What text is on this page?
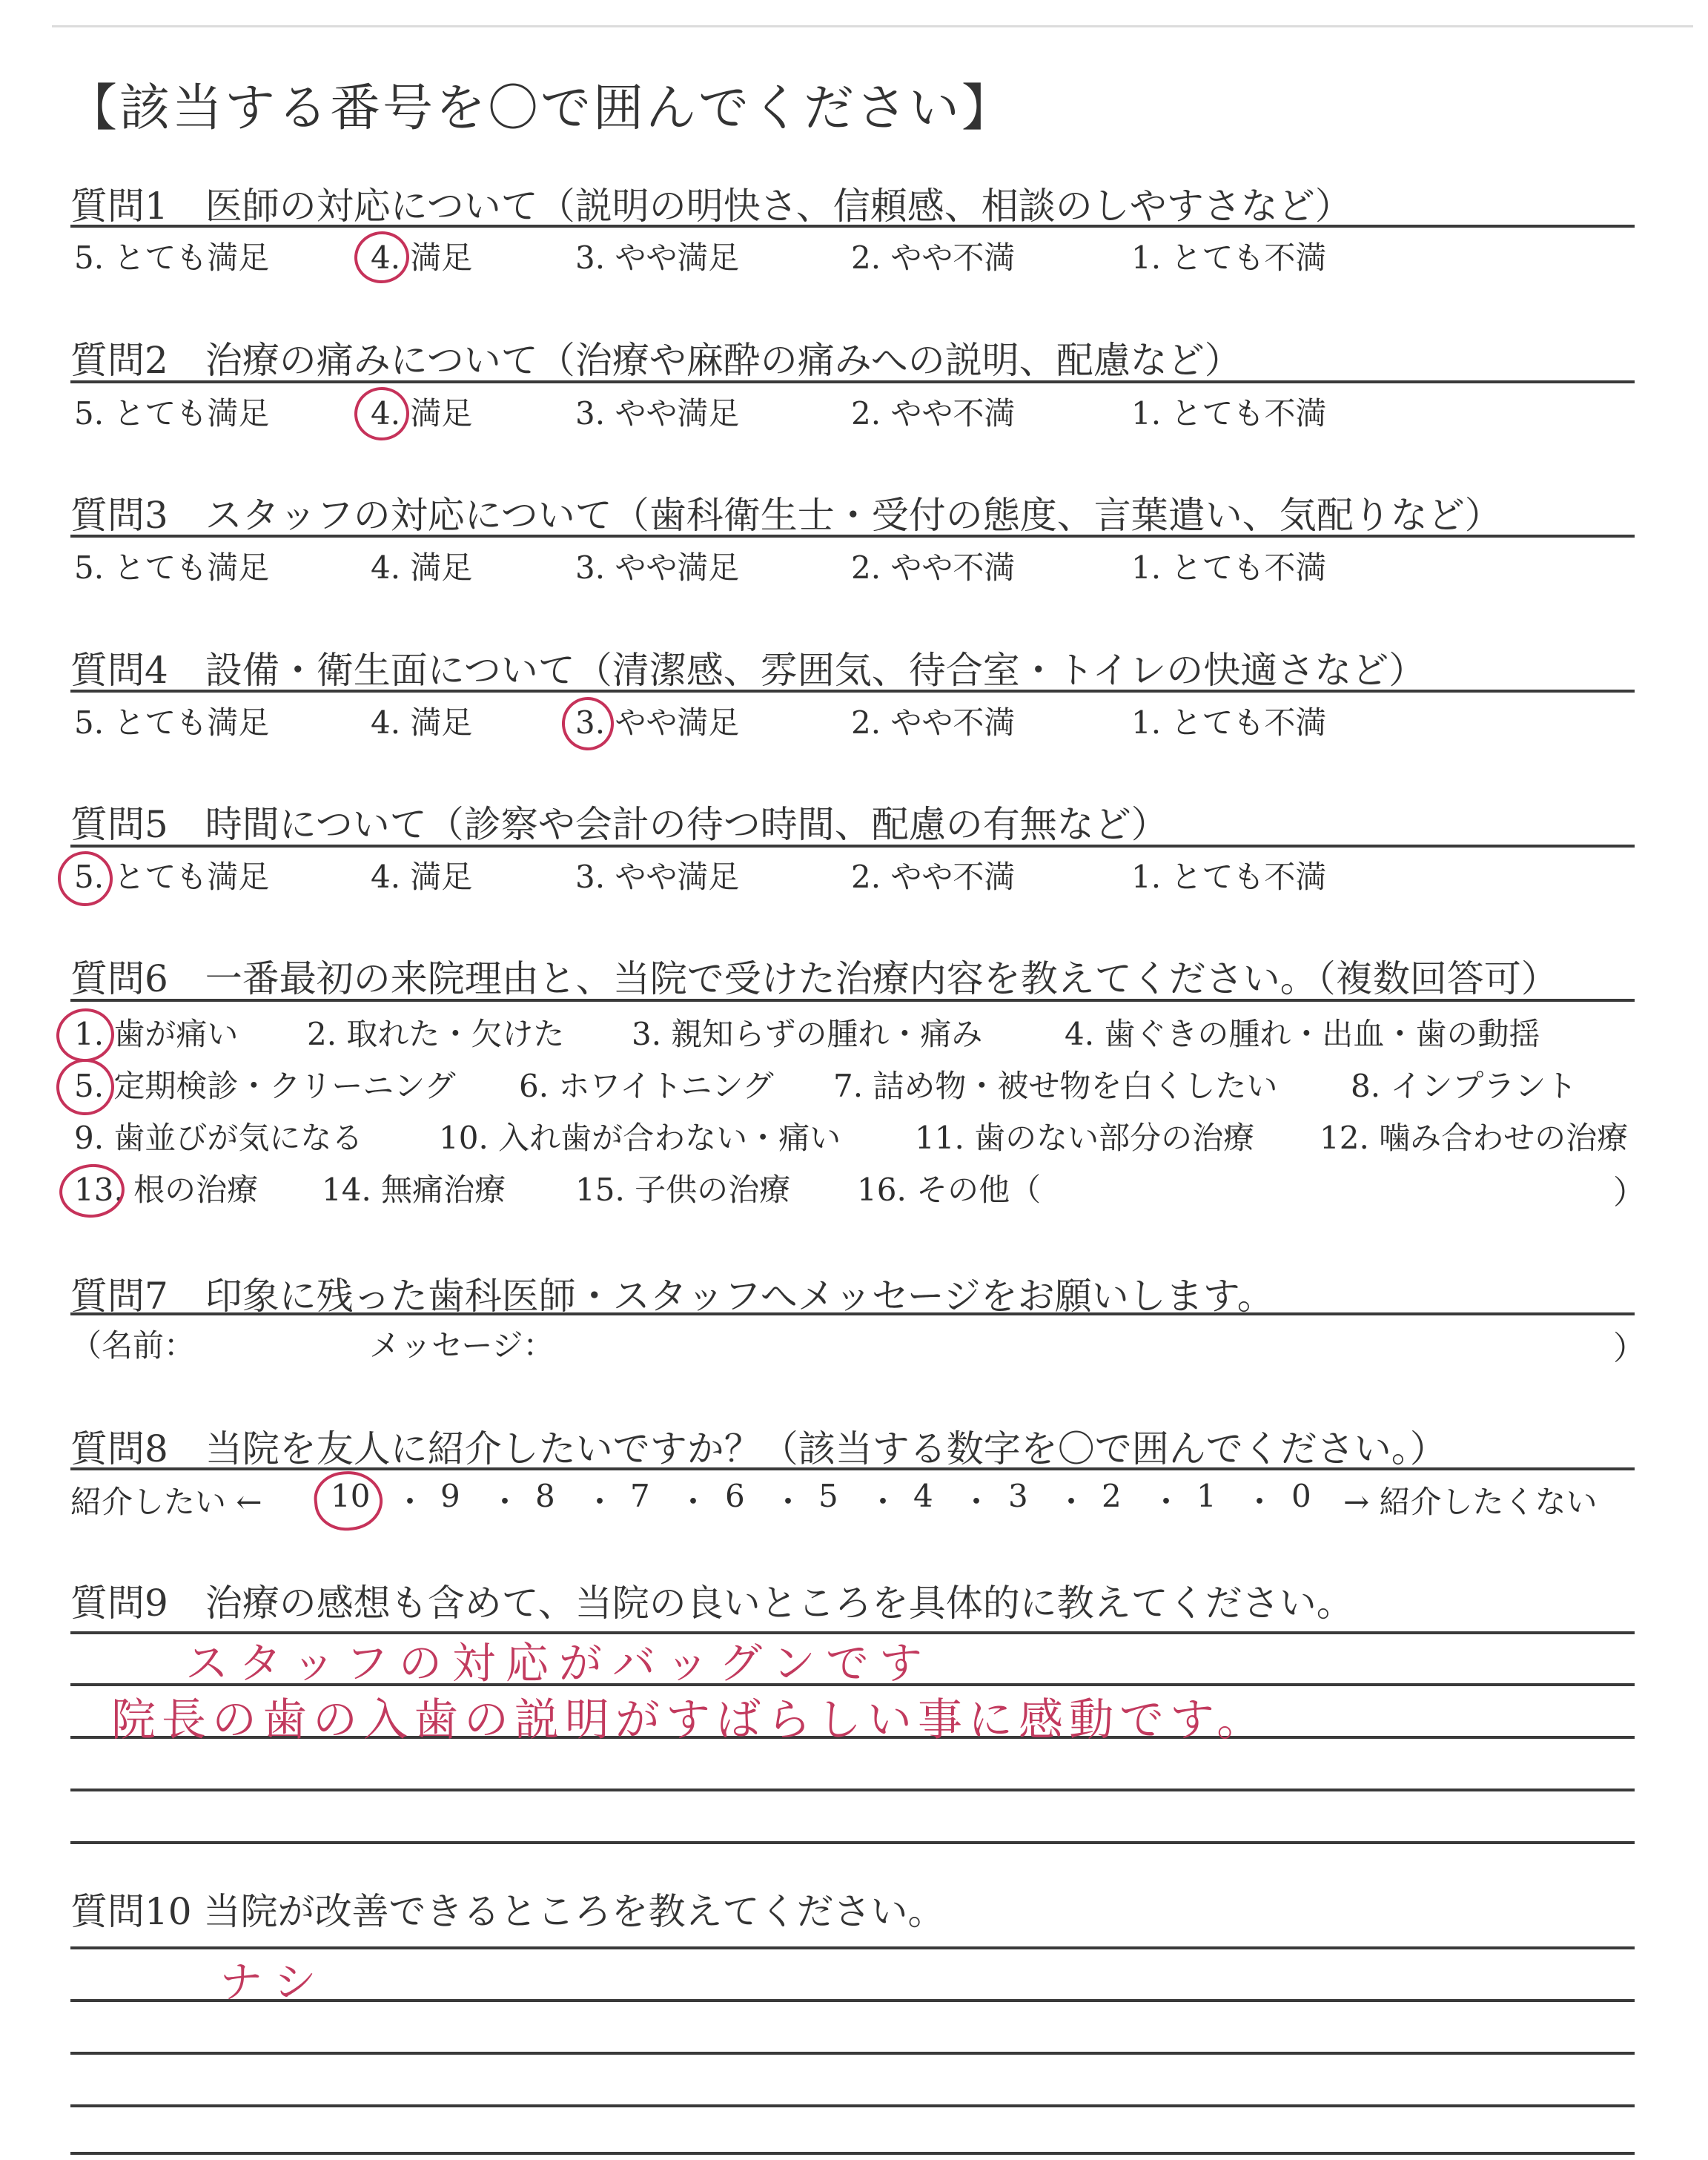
【該当する番号を〇で囲んでください】
質問1　医師の対応について（説明の明快さ、信頼感、相談のしやすさなど）
5. とても満足	4. 満足	3. やや満足	2. やや不満	1. とても不満
質問2　治療の痛みについて（治療や麻酔の痛みへの説明、配慮など）
5. とても満足	4. 満足	3. やや満足	2. やや不満	1. とても不満
質問3　スタッフの対応について（歯科衛生士・受付の態度、言葉遣い、気配りなど）
5. とても満足	4. 満足	3. やや満足	2. やや不満	1. とても不満
質問4　設備・衛生面について（清潔感、雰囲気、待合室・トイレの快適さなど）
5. とても満足	4. 満足	3. やや満足	2. やや不満	1. とても不満
質問5　時間について（診察や会計の待つ時間、配慮の有無など）
5. とても満足	4. 満足	3. やや満足	2. やや不満	1. とても不満
質問6　一番最初の来院理由と、当院で受けた治療内容を教えてください。（複数回答可）
1. 歯が痛い 2. 取れた・欠けた 3. 親知らずの腫れ・痛み	4. 歯ぐきの腫れ・出血・歯の動揺
5. 定期検診・クリーニング 6. ホワイトニング 7. 詰め物・被せ物を白くしたい 8. インプラント
9. 歯並びが気になる 10. 入れ歯が合わない・痛い 11. 歯のない部分の治療 12. 噛み合わせの治療
13. 根の治療 14. 無痛治療 15. 子供の治療 16. その他（	）
質問7　印象に残った歯科医師・スタッフへメッセージをお願いします。
（名前：	メッセージ：	）
質問8　当院を友人に紹介したいですか？（該当する数字を〇で囲んでください。）
紹介したい ← 10 ・ 9 ・ 8 ・ 7 ・ 6 ・ 5 ・ 4 ・ 3 ・ 2 ・ 1 ・ 0 → 紹介したくない
質問9　治療の感想も含めて、当院の良いところを具体的に教えてください。
スタッフの対応がバッグンです
院長の歯の入歯の説明がすばらしい事に感動です。
質問10 当院が改善できるところを教えてください。
ナシ
